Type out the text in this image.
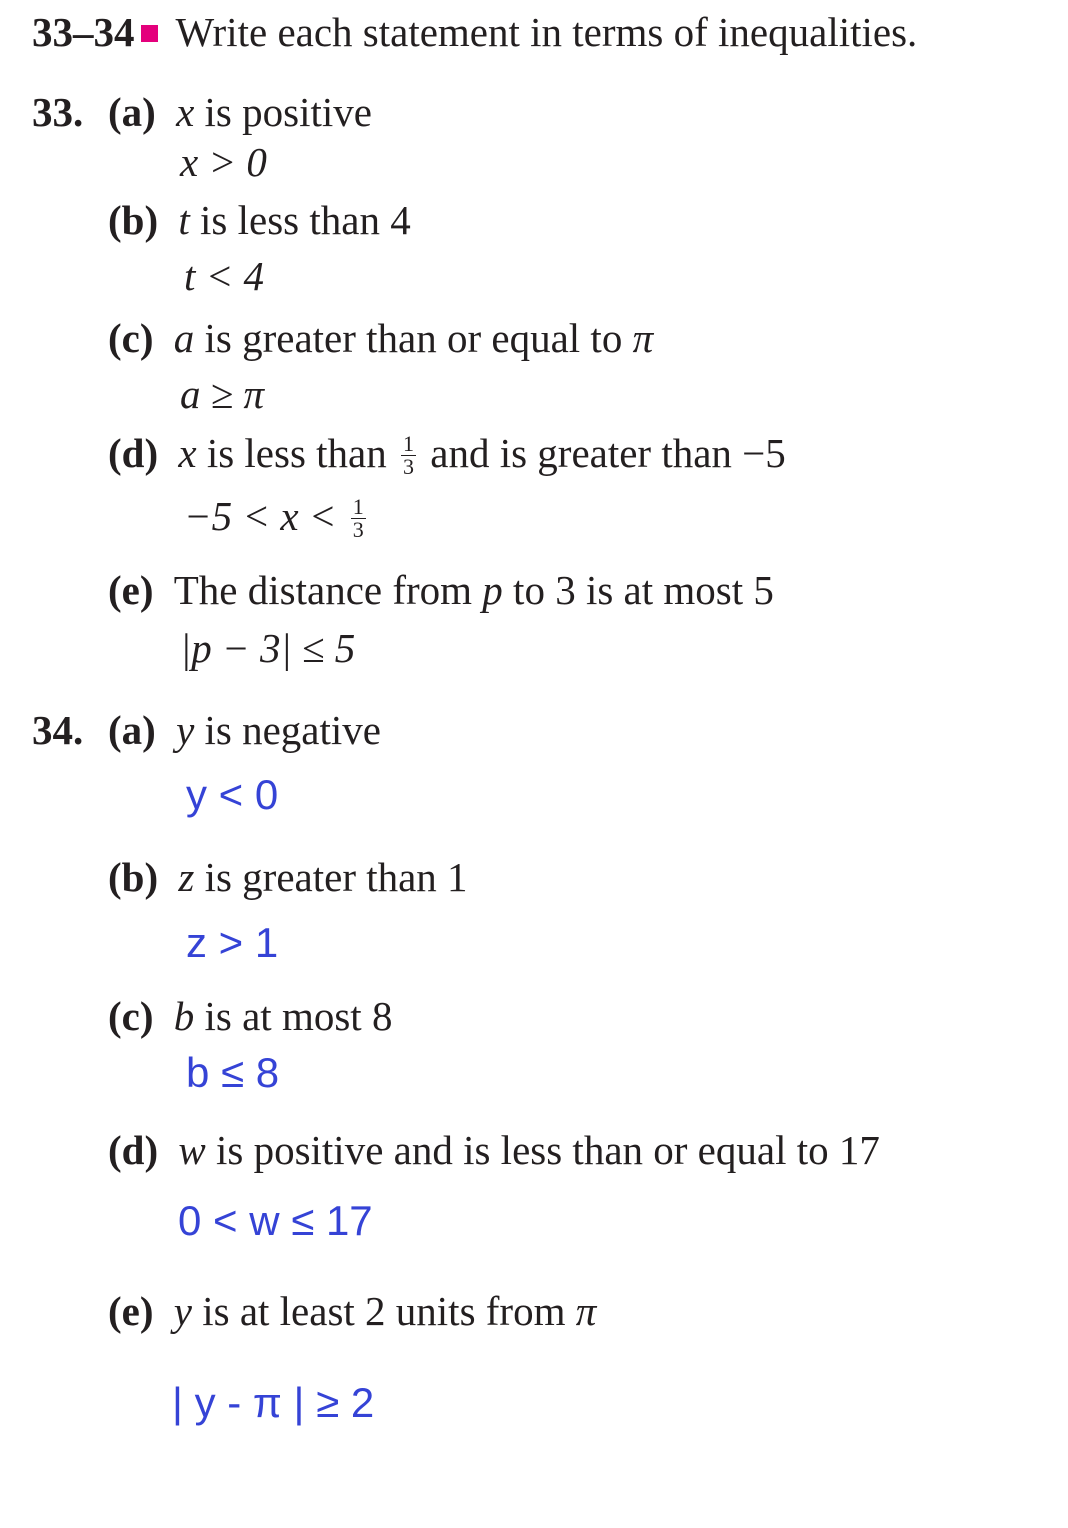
33–34 Write each statement in terms of inequalities.
33. (a) x is positive
x > 0
(b) t is less than 4
t < 4
(c) a is greater than or equal to π
a ≥ π
(d) x is less than $\frac{1}{3}$ and is greater than −5
$-5 < x < \frac{1}{3}$
(e) The distance from p to 3 is at most 5
|p − 3| ≤ 5
34. (a) y is negative
y < 0
(b) z is greater than 1
z > 1
(c) b is at most 8
b ≤ 8
(d) w is positive and is less than or equal to 17
0 < w ≤ 17
(e) y is at least 2 units from π
| y - π | ≥ 2
